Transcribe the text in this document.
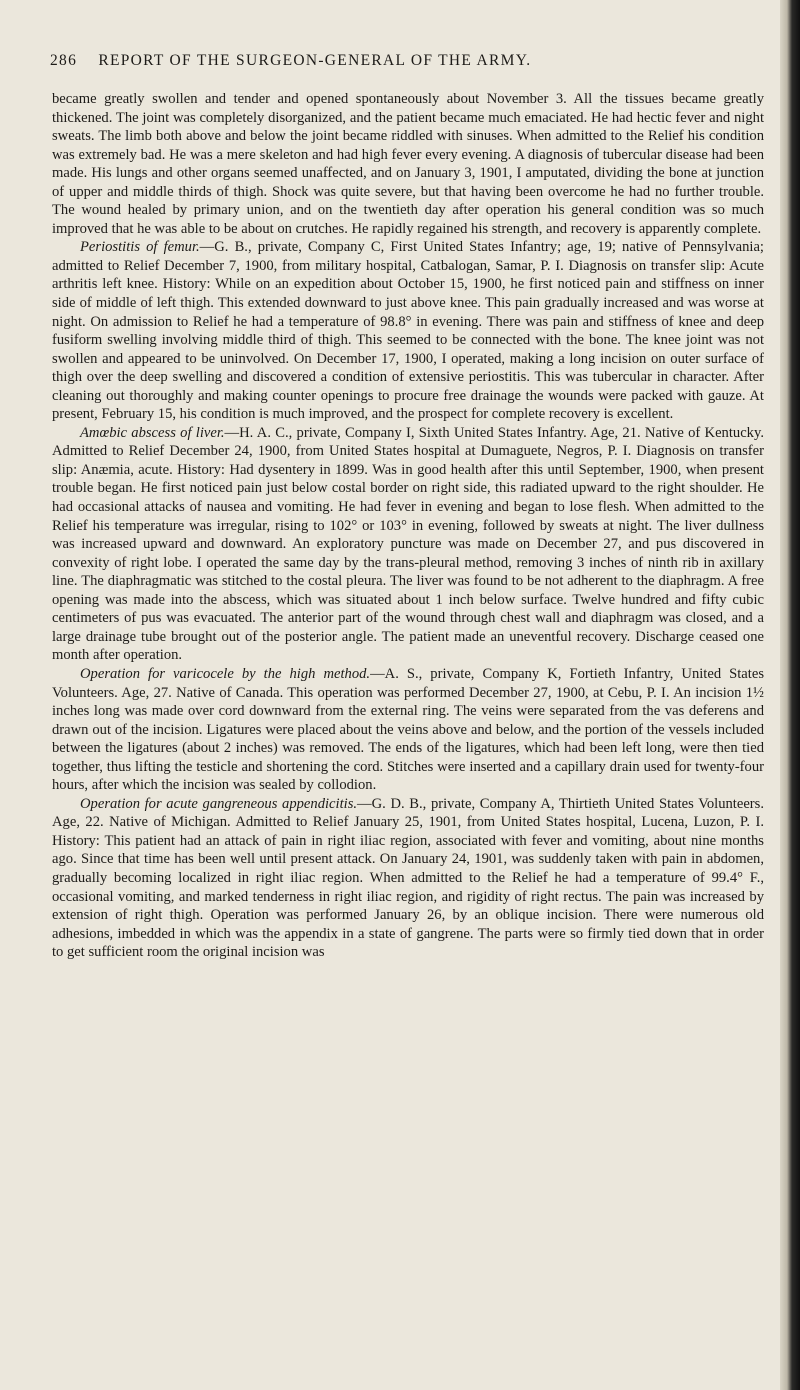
286 REPORT OF THE SURGEON-GENERAL OF THE ARMY.

became greatly swollen and tender and opened spontaneously about November 3. All the tissues became greatly thickened. The joint was completely disorganized, and the patient became much emaciated. He had hectic fever and night sweats. The limb both above and below the joint became riddled with sinuses. When admitted to the Relief his condition was extremely bad. He was a mere skeleton and had high fever every evening. A diagnosis of tubercular disease had been made. His lungs and other organs seemed unaffected, and on January 3, 1901, I amputated, dividing the bone at junction of upper and middle thirds of thigh. Shock was quite severe, but that having been overcome he had no further trouble. The wound healed by primary union, and on the twentieth day after operation his general condition was so much improved that he was able to be about on crutches. He rapidly regained his strength, and recovery is apparently complete.

Periostitis of femur.—G. B., private, Company C, First United States Infantry; age, 19; native of Pennsylvania; admitted to Relief December 7, 1900, from military hospital, Catbalogan, Samar, P. I. Diagnosis on transfer slip: Acute arthritis left knee. History: While on an expedition about October 15, 1900, he first noticed pain and stiffness on inner side of middle of left thigh. This extended downward to just above knee. This pain gradually increased and was worse at night. On admission to Relief he had a temperature of 98.8° in evening. There was pain and stiffness of knee and deep fusiform swelling involving middle third of thigh. This seemed to be connected with the bone. The knee joint was not swollen and appeared to be uninvolved. On December 17, 1900, I operated, making a long incision on outer surface of thigh over the deep swelling and discovered a condition of extensive periostitis. This was tubercular in character. After cleaning out thoroughly and making counter openings to procure free drainage the wounds were packed with gauze. At present, February 15, his condition is much improved, and the prospect for complete recovery is excellent.

Amœbic abscess of liver.—H. A. C., private, Company I, Sixth United States Infantry. Age, 21. Native of Kentucky. Admitted to Relief December 24, 1900, from United States hospital at Dumaguete, Negros, P. I. Diagnosis on transfer slip: Anæmia, acute. History: Had dysentery in 1899. Was in good health after this until September, 1900, when present trouble began. He first noticed pain just below costal border on right side, this radiated upward to the right shoulder. He had occasional attacks of nausea and vomiting. He had fever in evening and began to lose flesh. When admitted to the Relief his temperature was irregular, rising to 102° or 103° in evening, followed by sweats at night. The liver dullness was increased upward and downward. An exploratory puncture was made on December 27, and pus discovered in convexity of right lobe. I operated the same day by the trans-pleural method, removing 3 inches of ninth rib in axillary line. The diaphragmatic was stitched to the costal pleura. The liver was found to be not adherent to the diaphragm. A free opening was made into the abscess, which was situated about 1 inch below surface. Twelve hundred and fifty cubic centimeters of pus was evacuated. The anterior part of the wound through chest wall and diaphragm was closed, and a large drainage tube brought out of the posterior angle. The patient made an uneventful recovery. Discharge ceased one month after operation.

Operation for varicocele by the high method.—A. S., private, Company K, Fortieth Infantry, United States Volunteers. Age, 27. Native of Canada. This operation was performed December 27, 1900, at Cebu, P. I. An incision 1½ inches long was made over cord downward from the external ring. The veins were separated from the vas deferens and drawn out of the incision. Ligatures were placed about the veins above and below, and the portion of the vessels included between the ligatures (about 2 inches) was removed. The ends of the ligatures, which had been left long, were then tied together, thus lifting the testicle and shortening the cord. Stitches were inserted and a capillary drain used for twenty-four hours, after which the incision was sealed by collodion.

Operation for acute gangreneous appendicitis.—G. D. B., private, Company A, Thirtieth United States Volunteers. Age, 22. Native of Michigan. Admitted to Relief January 25, 1901, from United States hospital, Lucena, Luzon, P. I. History: This patient had an attack of pain in right iliac region, associated with fever and vomiting, about nine months ago. Since that time has been well until present attack. On January 24, 1901, was suddenly taken with pain in abdomen, gradually becoming localized in right iliac region. When admitted to the Relief he had a temperature of 99.4° F., occasional vomiting, and marked tenderness in right iliac region, and rigidity of right rectus. The pain was increased by extension of right thigh. Operation was performed January 26, by an oblique incision. There were numerous old adhesions, imbedded in which was the appendix in a state of gangrene. The parts were so firmly tied down that in order to get sufficient room the original incision was
